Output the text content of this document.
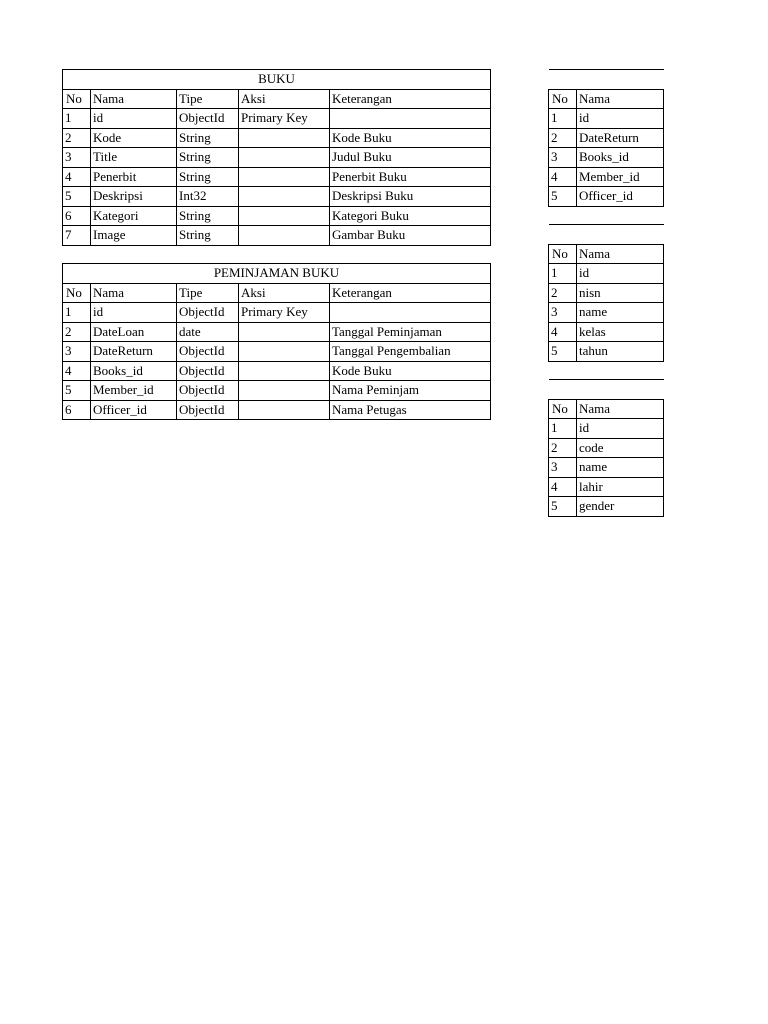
BUKU				
No	Nama	Tipe	Aksi	Keterangan
1	id	ObjectId	Primary Key	
2	Kode	String		Kode Buku
3	Title	String		Judul Buku
4	Penerbit	String		Penerbit Buku
5	Deskripsi	Int32		Deskripsi Buku
6	Kategori	String		Kategori Buku
7	Image	String		Gambar Buku
PEMINJAMAN BUKU				
No	Nama	Tipe	Aksi	Keterangan
1	id	ObjectId	Primary Key	
2	DateLoan	date		Tanggal Peminjaman
3	DateReturn	ObjectId		Tanggal Pengembalian
4	Books_id	ObjectId		Kode Buku
5	Member_id	ObjectId		Nama Peminjam
6	Officer_id	ObjectId		Nama Petugas

No	Nama
1	id
2	DateReturn
3	Books_id
4	Member_id
5	Officer_id

No	Nama
1	id
2	nisn
3	name
4	kelas
5	tahun

No	Nama
1	id
2	code
3	name
4	lahir
5	gender
